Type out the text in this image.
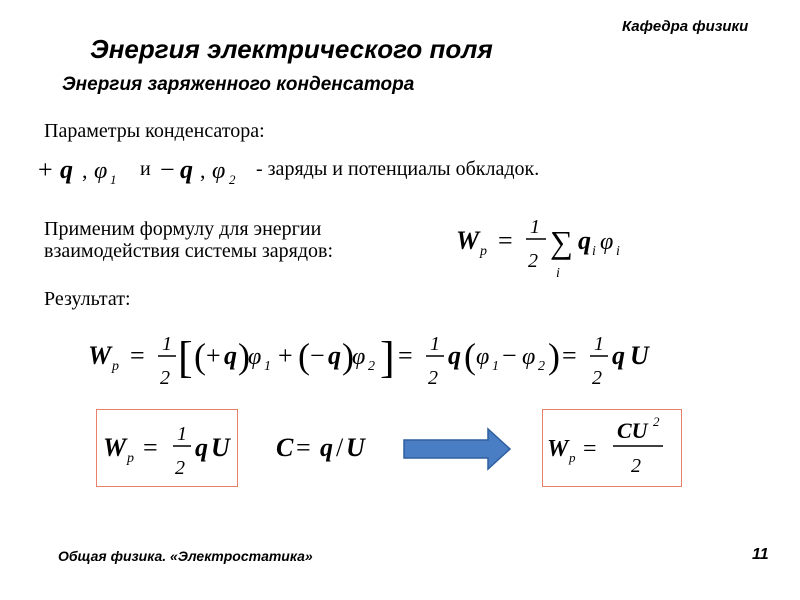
Кафедра физики
Энергия электрического поля
Энергия заряженного конденсатора
Параметры конденсатора:
+ q , φ 1 − q , φ 2
и	- заряды и потенциалы обкладок.
Применим формулу для энергии
взаимодействия системы зарядов:	W p = 1
2
∑
i
q i φ i
Результат:
W p = 1
2 [ ( + q )
φ 1 + ( − q )
φ 2 ] = 1
2
q ( φ 1 − φ 2 ) = 1
2
q U
W p = 1
2
q U C = q / U	W p =
CU 2
2
Общая физика. «Электростатика»	11
